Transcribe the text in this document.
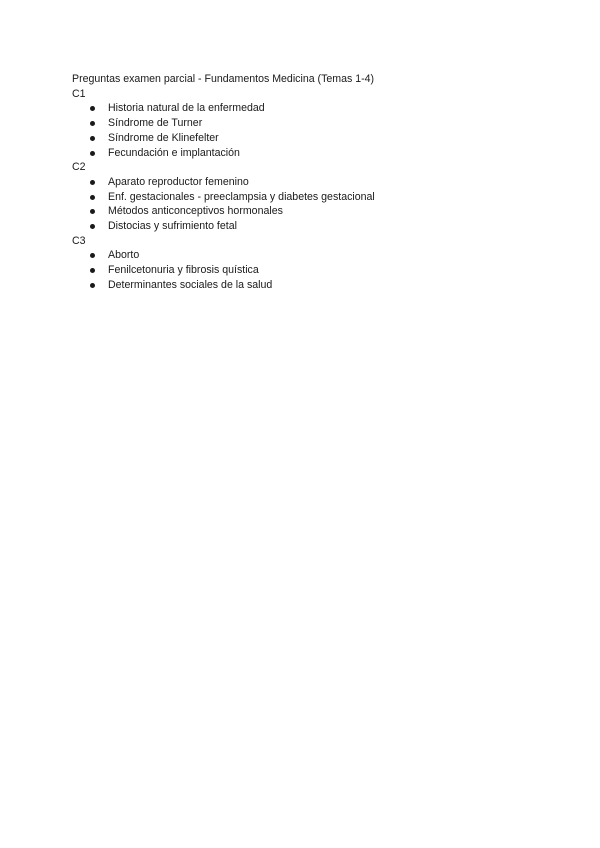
Preguntas examen parcial - Fundamentos Medicina (Temas 1-4)
C1
Historia natural de la enfermedad
Síndrome de Turner
Síndrome de Klinefelter
Fecundación e implantación
C2
Aparato reproductor femenino
Enf. gestacionales - preeclampsia y diabetes gestacional
Métodos anticonceptivos hormonales
Distocias y sufrimiento fetal
C3
Aborto
Fenilcetonuria y fibrosis quística
Determinantes sociales de la salud
